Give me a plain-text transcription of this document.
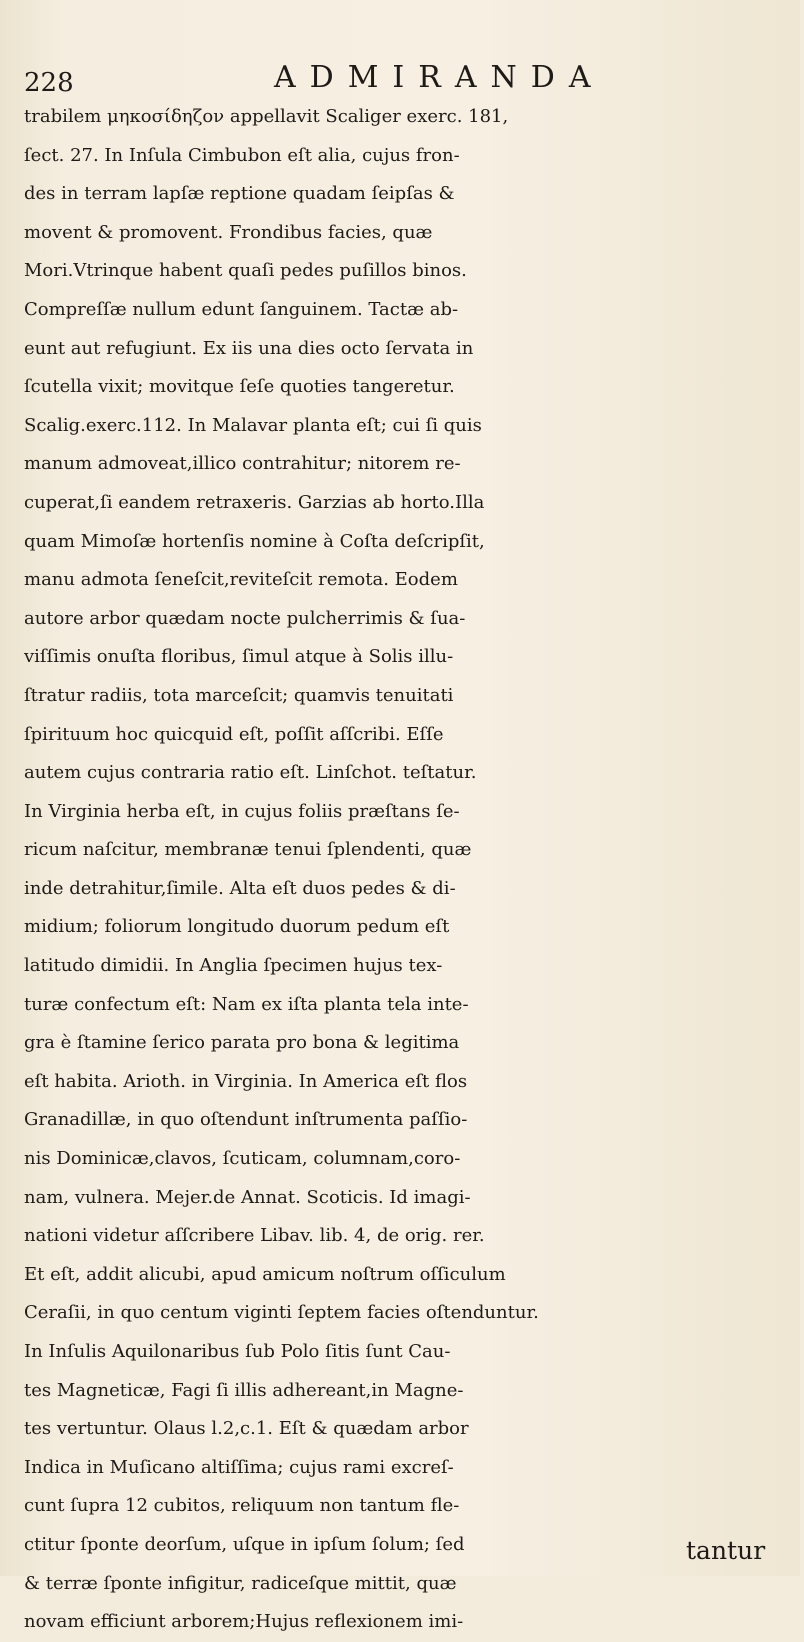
228	ADMIRANDA
trabilem μηκοσίδηζον appellavit Scaliger exerc. 181,
ſect. 27. In Inſula Cimbubon eſt alia, cujus fron-
des in terram lapſæ reptione quadam ſeipſas &
movent & promovent. Frondibus facies, quæ
Mori.Vtrinque habent quaſi pedes puſillos binos.
Compreſſæ nullum edunt ſanguinem. Tactæ ab-
eunt aut refugiunt. Ex iis una dies octo ſervata in
ſcutella vixit; movitque ſeſe quoties tangeretur.
Scalig.exerc.112. In Malavar planta eſt; cui ſi quis
manum admoveat,illico contrahitur; nitorem re-
cuperat,ſi eandem retraxeris. Garzias ab horto.Illa
quam Mimoſæ hortenſis nomine à Coſta deſcripſit,
manu admota ſeneſcit,reviteſcit remota. Eodem
autore arbor quædam nocte pulcherrimis & ſua-
viſſimis onuſta floribus, ſimul atque à Solis illu-
ſtratur radiis, tota marceſcit; quamvis tenuitati
ſpirituum hoc quicquid eſt, poſſit aſſcribi. Eſſe
autem cujus contraria ratio eſt. Linſchot. teſtatur.
In Virginia herba eſt, in cujus foliis præſtans ſe-
ricum naſcitur, membranæ tenui ſplendenti, quæ
inde detrahitur,ſimile. Alta eſt duos pedes & di-
midium; foliorum longitudo duorum pedum eſt
latitudo dimidii. In Anglia ſpecimen hujus tex-
turæ confectum eſt: Nam ex iſta planta tela inte-
gra è ſtamine ſerico parata pro bona & legitima
eſt habita. Arioth. in Virginia. In America eſt flos
Granadillæ, in quo oſtendunt inſtrumenta paſſio-
nis Dominicæ,clavos, ſcuticam, columnam,coro-
nam, vulnera. Mejer.de Annat. Scoticis. Id imagi-
nationi videtur aſſcribere Libav. lib. 4, de orig. rer.
Et eſt, addit alicubi, apud amicum noſtrum oſſiculum
Ceraſii, in quo centum viginti ſeptem facies oſtenduntur.
In Inſulis Aquilonaribus ſub Polo ſitis ſunt Cau-
tes Magneticæ, Fagi ſi illis adhereant,in Magne-
tes vertuntur. Olaus l.2,c.1. Eſt & quædam arbor
Indica in Muſicano altiſſima; cujus rami excreſ-
cunt ſupra 12 cubitos, reliquum non tantum fle-
ctitur ſponte deorſum, uſque in ipſum ſolum; ſed
& terræ ſponte infigitur, radiceſque mittit, quæ
novam efficiunt arborem;Hujus reflexionem imi-
tantur
